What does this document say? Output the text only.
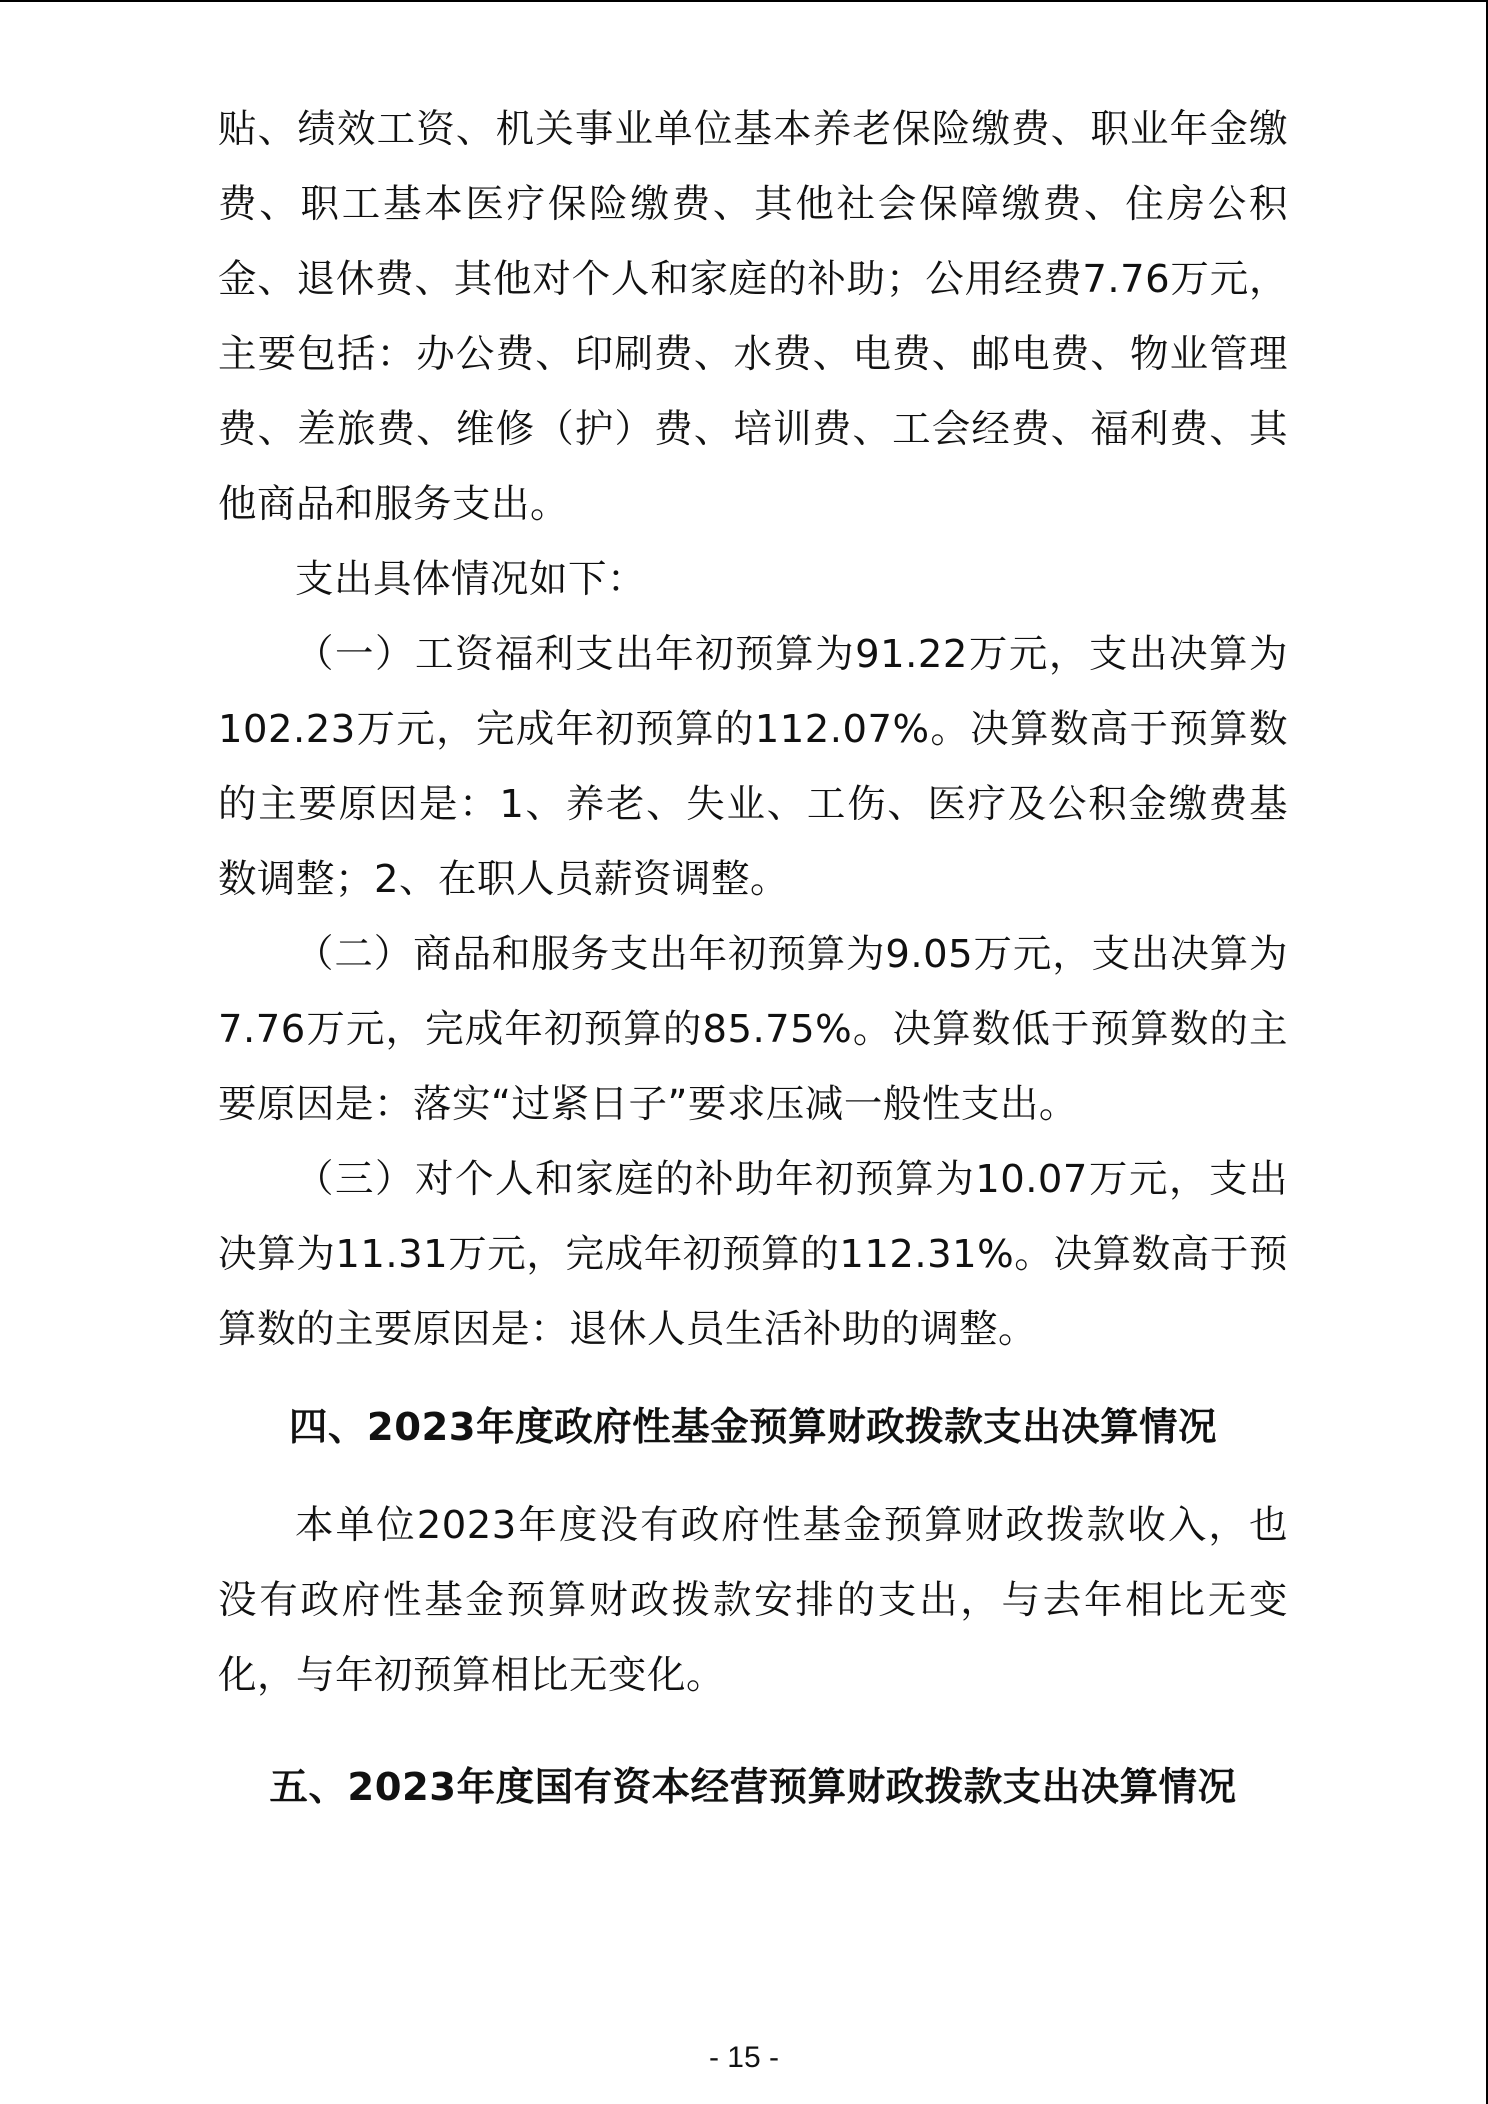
贴、绩效工资、机关事业单位基本养老保险缴费、职业年金缴费、职工基本医疗保险缴费、其他社会保障缴费、住房公积金、退休费、其他对个人和家庭的补助；公用经费7.76万元，主要包括：办公费、印刷费、水费、电费、邮电费、物业管理费、差旅费、维修（护）费、培训费、工会经费、福利费、其他商品和服务支出。

支出具体情况如下：

（一）工资福利支出年初预算为91.22万元，支出决算为102.23万元，完成年初预算的112.07%。决算数高于预算数的主要原因是：1、养老、失业、工伤、医疗及公积金缴费基数调整；2、在职人员薪资调整。

（二）商品和服务支出年初预算为9.05万元，支出决算为7.76万元，完成年初预算的85.75%。决算数低于预算数的主要原因是：落实“过紧日子”要求压减一般性支出。

（三）对个人和家庭的补助年初预算为10.07万元，支出决算为11.31万元，完成年初预算的112.31%。决算数高于预算数的主要原因是：退休人员生活补助的调整。

四、2023年度政府性基金预算财政拨款支出决算情况

本单位2023年度没有政府性基金预算财政拨款收入，也没有政府性基金预算财政拨款安排的支出，与去年相比无变化，与年初预算相比无变化。

五、2023年度国有资本经营预算财政拨款支出决算情况
- 15 -
